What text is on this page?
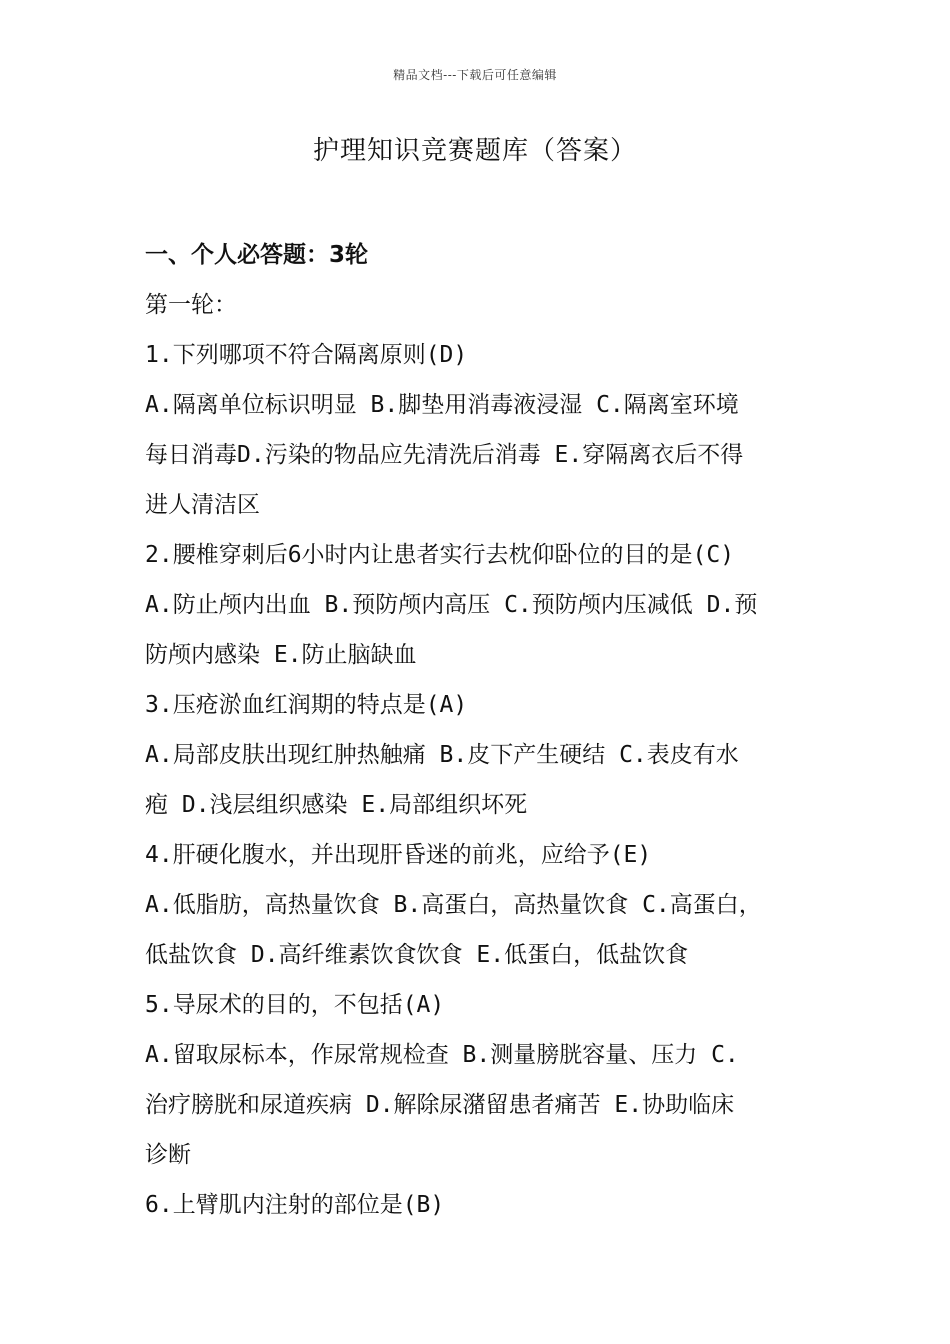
精品文档---下载后可任意编辑
护理知识竞赛题库（答案）
一、个人必答题：3轮
第一轮：
1.下列哪项不符合隔离原则(D)
A.隔离单位标识明显 B.脚垫用消毒液浸湿 C.隔离室环境
每日消毒D.污染的物品应先清洗后消毒 E.穿隔离衣后不得
进人清洁区
2.腰椎穿刺后6小时内让患者实行去枕仰卧位的目的是(C)
A.防止颅内出血 B.预防颅内高压 C.预防颅内压减低 D.预
防颅内感染 E.防止脑缺血
3.压疮淤血红润期的特点是(A)
A.局部皮肤出现红肿热触痛 B.皮下产生硬结 C.表皮有水
疱 D.浅层组织感染 E.局部组织坏死
4.肝硬化腹水，并出现肝昏迷的前兆，应给予(E)
A.低脂肪，高热量饮食 B.高蛋白，高热量饮食 C.高蛋白，
低盐饮食 D.高纤维素饮食饮食 E.低蛋白，低盐饮食
5.导尿术的目的，不包括(A)
A.留取尿标本，作尿常规检查 B.测量膀胱容量、压力 C.
治疗膀胱和尿道疾病 D.解除尿潴留患者痛苦 E.协助临床
诊断
6.上臂肌内注射的部位是(B)
